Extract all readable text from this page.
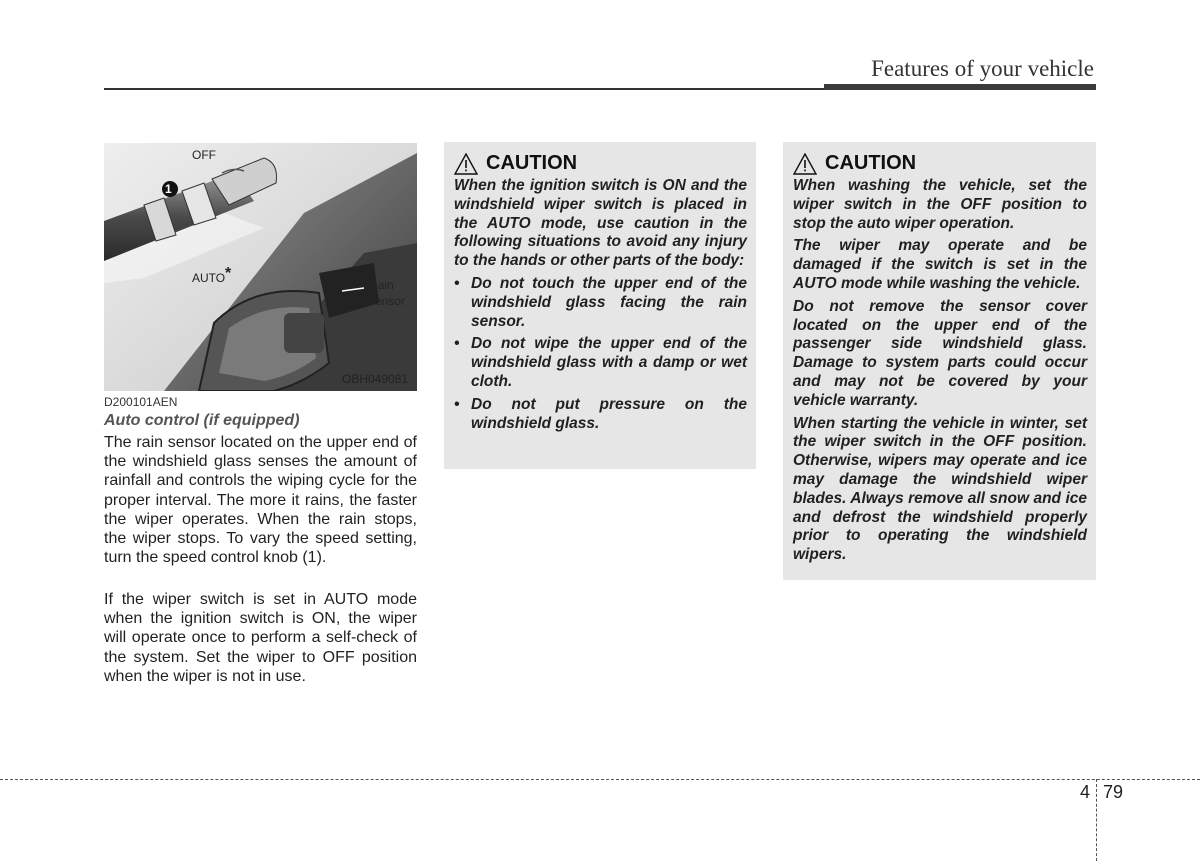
Features of your vehicle
OFF
1
AUTO *
Rain
sensor
OBH049081
D200101AEN
Auto control (if equipped)
The rain sensor located on the upper end of the windshield glass senses the amount of rainfall and controls the wiping cycle for the proper interval. The more it rains, the faster the wiper operates. When the rain stops, the wiper stops. To vary the speed setting, turn the speed control knob (1).
If the wiper switch is set in AUTO mode when the ignition switch is ON, the wiper will operate once to perform a self-check of the system. Set the wiper to OFF position when the wiper is not in use.
CAUTION

When the ignition switch is ON and the windshield wiper switch is placed in the AUTO mode, use caution in the following situations to avoid any injury to the hands or other parts of the body:

• Do not touch the upper end of the windshield glass facing the rain sensor.
• Do not wipe the upper end of the windshield glass with a damp or wet cloth.
• Do not put pressure on the windshield glass.
CAUTION

When washing the vehicle, set the wiper switch in the OFF position to stop the auto wiper operation.

The wiper may operate and be damaged if the switch is set in the AUTO mode while washing the vehicle.

Do not remove the sensor cover located on the upper end of the passenger side windshield glass. Damage to system parts could occur and may not be covered by your vehicle warranty.

When starting the vehicle in winter, set the wiper switch in the OFF position. Otherwise, wipers may operate and ice may damage the windshield wiper blades. Always remove all snow and ice and defrost the windshield properly prior to operating the windshield wipers.

4 79
